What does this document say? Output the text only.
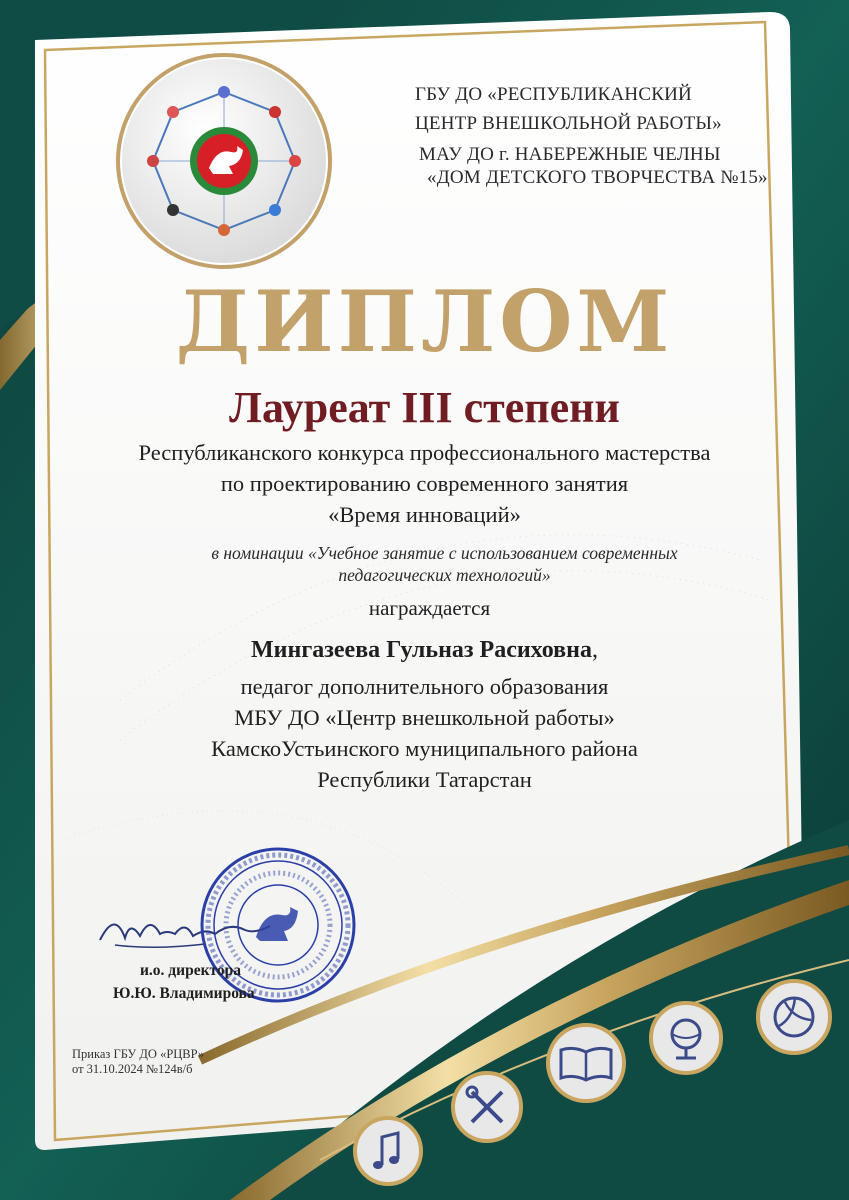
ГБУ ДО «РЕСПУБЛИКАНСКИЙ
ЦЕНТР ВНЕШКОЛЬНОЙ РАБОТЫ»
МАУ ДО г. НАБЕРЕЖНЫЕ ЧЕЛНЫ
«ДОМ ДЕТСКОГО ТВОРЧЕСТВА №15»
ДИПЛОМ
Лауреат III степени
Республиканского конкурса профессионального мастерства
по проектированию современного занятия
«Время инноваций»
в номинации «Учебное занятие с использованием современных
педагогических технологий»
награждается
Мингазеева Гульназ Расиховна,
педагог дополнительного образования
МБУ ДО «Центр внешкольной работы»
КамскоУстьинского муниципального района
Республики Татарстан
и.о. директора
Ю.Ю. Владимирова
Приказ ГБУ ДО «РЦВР»
от 31.10.2024 №124в/б
